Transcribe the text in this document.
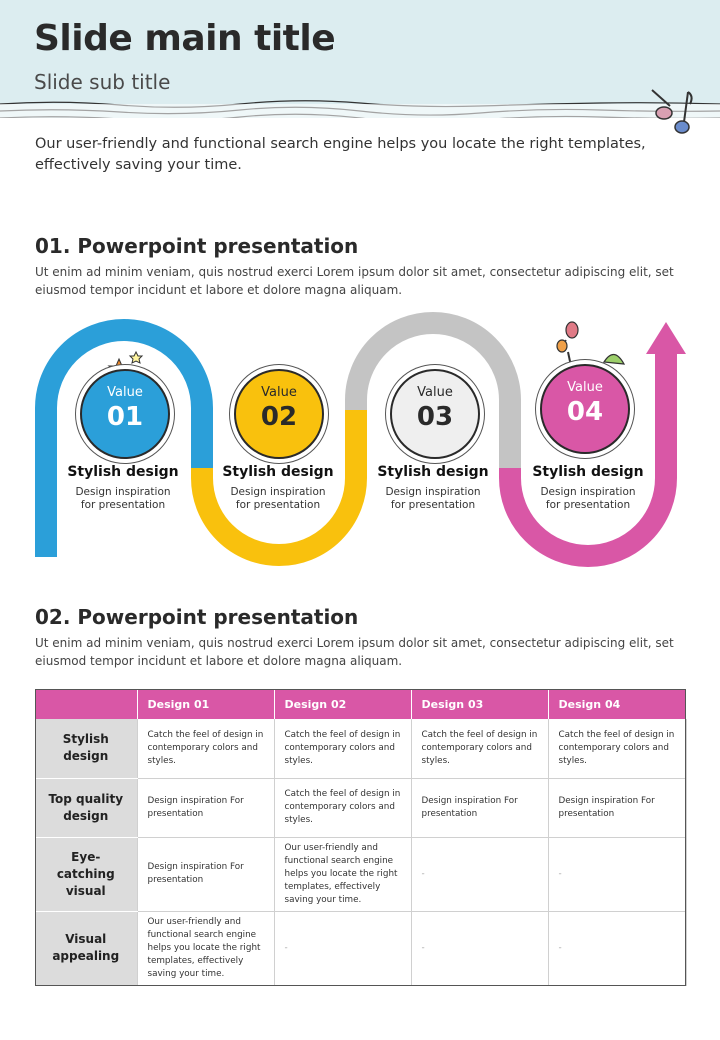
Slide main title
Slide sub title
Our user-friendly and functional search engine helps you locate the right templates, effectively saving your time.
01. Powerpoint presentation
Ut enim ad minim veniam, quis nostrud exerci Lorem ipsum dolor sit amet, consectetur adipiscing elit, set eiusmod tempor incidunt et labore et dolore magna aliquam.
Value
01
Value
02
Value
03
Value
04
Stylish design	Stylish design	Stylish design	Stylish design
Design inspiration for presentation
Design inspiration for presentation
Design inspiration for presentation
Design inspiration for presentation
02. Powerpoint presentation
Ut enim ad minim veniam, quis nostrud exerci Lorem ipsum dolor sit amet, consectetur adipiscing elit, set eiusmod tempor incidunt et labore et dolore magna aliquam.
	Design 01	Design 02	Design 03	Design 04
Stylish design	Catch the feel of design in contemporary colors and styles.	Catch the feel of design in contemporary colors and styles.	Catch the feel of design in contemporary colors and styles.	Catch the feel of design in contemporary colors and styles.
Top quality design	Design inspiration For presentation	Catch the feel of design in contemporary colors and styles.	Design inspiration For presentation	Design inspiration For presentation
Eye-catching visual	Design inspiration For presentation	Our user-friendly and functional search engine helps you locate the right templates, effectively saving your time.	-	-
Visual appealing	Our user-friendly and functional search engine helps you locate the right templates, effectively saving your time.	-	-	-
